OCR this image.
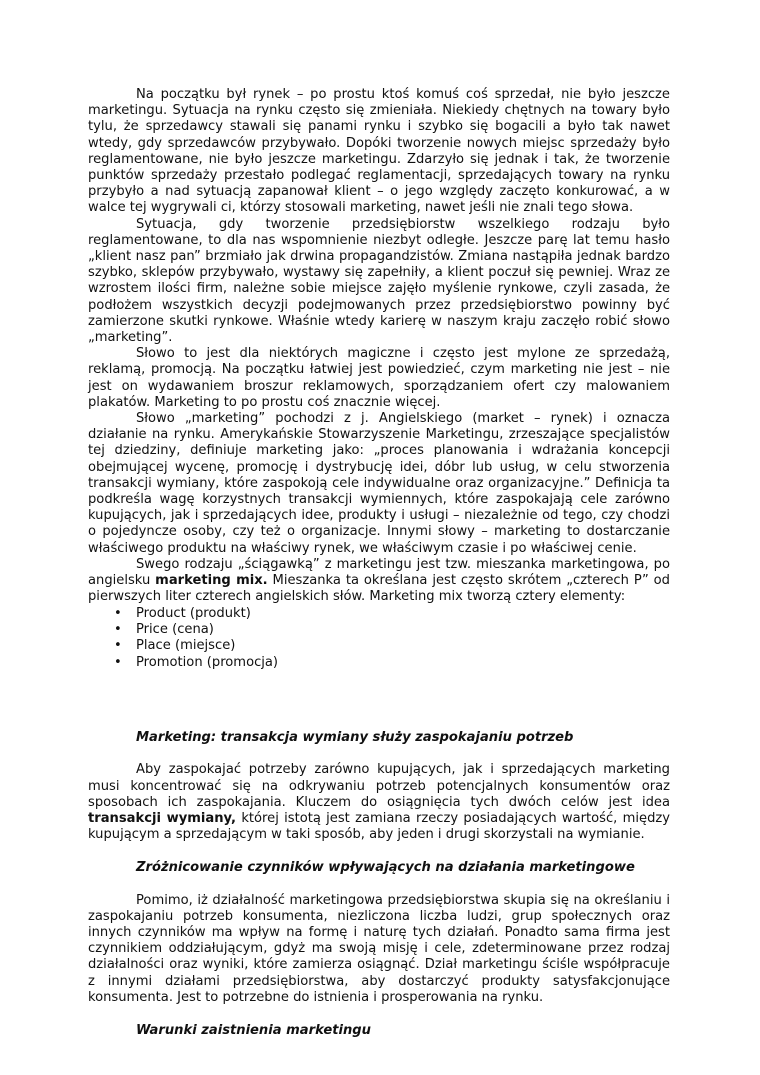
Na początku był rynek – po prostu ktoś komuś coś sprzedał, nie było jeszcze marketingu. Sytuacja na rynku często się zmieniała. Niekiedy chętnych na towary było tylu, że sprzedawcy stawali się panami rynku i szybko się bogacili a było tak nawet wtedy, gdy sprzedawców przybywało. Dopóki tworzenie nowych miejsc sprzedaży było reglamentowane, nie było jeszcze marketingu. Zdarzyło się jednak i tak, że tworzenie punktów sprzedaży przestało podlegać reglamentacji, sprzedających towary na rynku przybyło a nad sytuacją zapanował klient – o jego względy zaczęto konkurować, a w walce tej wygrywali ci, którzy stosowali marketing, nawet jeśli nie znali tego słowa.

Sytuacja, gdy tworzenie przedsiębiorstw wszelkiego rodzaju było reglamentowane, to dla nas wspomnienie niezbyt odległe. Jeszcze parę lat temu hasło „klient nasz pan” brzmiało jak drwina propagandzistów. Zmiana nastąpiła jednak bardzo szybko, sklepów przybywało, wystawy się zapełniły, a klient poczuł się pewniej. Wraz ze wzrostem ilości firm, należne sobie miejsce zajęło myślenie rynkowe, czyli zasada, że podłożem wszystkich decyzji podejmowanych przez przedsiębiorstwo powinny być zamierzone skutki rynkowe. Właśnie wtedy karierę w naszym kraju zaczęło robić słowo „marketing”.

Słowo to jest dla niektórych magiczne i często jest mylone ze sprzedażą, reklamą, promocją. Na początku łatwiej jest powiedzieć, czym marketing nie jest – nie jest on wydawaniem broszur reklamowych, sporządzaniem ofert czy malowaniem plakatów. Marketing to po prostu coś znacznie więcej.

Słowo „marketing” pochodzi z j. Angielskiego (market – rynek) i oznacza działanie na rynku. Amerykańskie Stowarzyszenie Marketingu, zrzeszające specjalistów tej dziedziny, definiuje marketing jako: „proces planowania i wdrażania koncepcji obejmującej wycenę, promocję i dystrybucję idei, dóbr lub usług, w celu stworzenia transakcji wymiany, które zaspokoją cele indywidualne oraz organizacyjne.” Definicja ta podkreśla wagę korzystnych transakcji wymiennych, które zaspokajają cele zarówno kupujących, jak i sprzedających idee, produkty i usługi – niezależnie od tego, czy chodzi o pojedyncze osoby, czy też o organizacje. Innymi słowy – marketing to dostarczanie właściwego produktu na właściwy rynek, we właściwym czasie i po właściwej cenie.

Swego rodzaju „ściągawką” z marketingu jest tzw. mieszanka marketingowa, po angielsku marketing mix. Mieszanka ta określana jest często skrótem „czterech P” od pierwszych liter czterech angielskich słów. Marketing mix tworzą cztery elementy:

• Product (produkt)
• Price (cena)
• Place (miejsce)
• Promotion (promocja)

Marketing: transakcja wymiany służy zaspokajaniu potrzeb

Aby zaspokajać potrzeby zarówno kupujących, jak i sprzedających marketing musi koncentrować się na odkrywaniu potrzeb potencjalnych konsumentów oraz sposobach ich zaspokajania. Kluczem do osiągnięcia tych dwóch celów jest idea transakcji wymiany, której istotą jest zamiana rzeczy posiadających wartość, między kupującym a sprzedającym w taki sposób, aby jeden i drugi skorzystali na wymianie.

Zróżnicowanie czynników wpływających na działania marketingowe

Pomimo, iż działalność marketingowa przedsiębiorstwa skupia się na określaniu i zaspokajaniu potrzeb konsumenta, niezliczona liczba ludzi, grup społecznych oraz innych czynników ma wpływ na formę i naturę tych działań. Ponadto sama firma jest czynnikiem oddziałującym, gdyż ma swoją misję i cele, zdeterminowane przez rodzaj działalności oraz wyniki, które zamierza osiągnąć. Dział marketingu ściśle współpracuje z innymi działami przedsiębiorstwa, aby dostarczyć produkty satysfakcjonujące konsumenta. Jest to potrzebne do istnienia i prosperowania na rynku.

Warunki zaistnienia marketingu
